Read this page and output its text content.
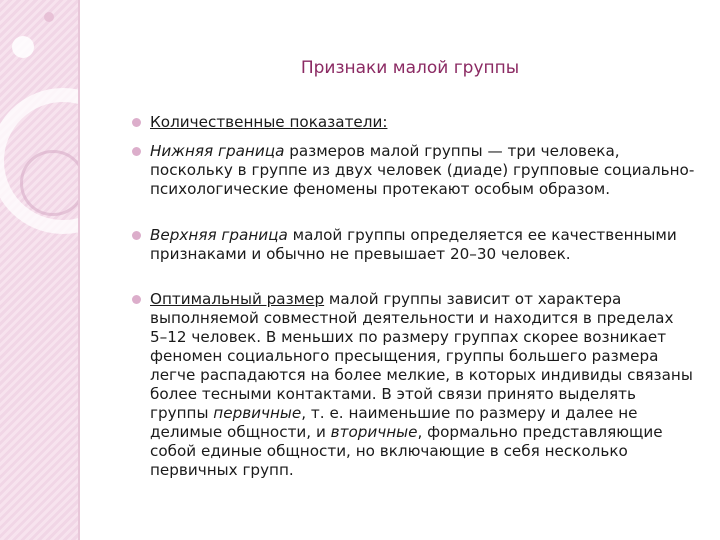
Признаки малой группы
Количественные показатели:
Нижняя граница размеров малой группы — три человека, поскольку в группе из двух человек (диаде) групповые социально-психологические феномены протекают особым образом.
Верхняя граница малой группы определяется ее качественными признаками и обычно не превышает 20–30 человек.
Оптимальный размер малой группы зависит от характера выполняемой совместной деятельности и находится в пределах 5–12 человек. В меньших по размеру группах скорее возникает феномен социального пресыщения, группы большего размера легче распадаются на более мелкие, в которых индивиды связаны более тесными контактами. В этой связи принято выделять группы первичные, т. е. наименьшие по размеру и далее не делимые общности, и вторичные, формально представляющие собой единые общности, но включающие в себя несколько первичных групп.
